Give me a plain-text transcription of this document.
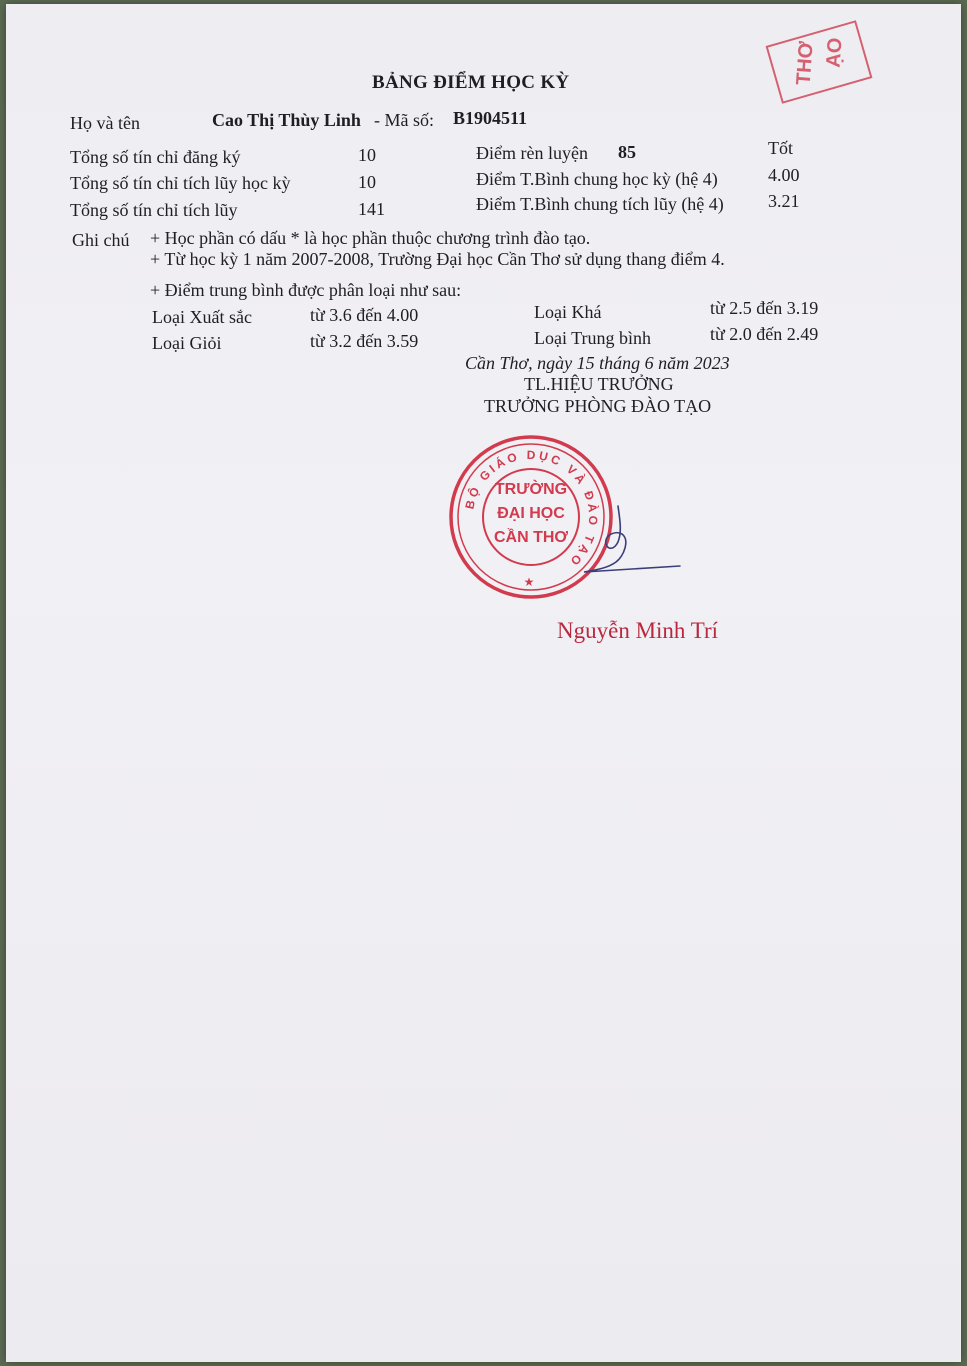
THƠ ẠO
BẢNG ĐIỂM HỌC KỲ
Họ và tên	Cao Thị Thùy Linh - Mã số: B1904511
Tổng số tín chỉ đăng ký	10
Tổng số tín chỉ tích lũy học kỳ	10
Tổng số tín chỉ tích lũy	141
Điểm rèn luyện 85	Tốt
Điểm T.Bình chung học kỳ (hệ 4)	4.00
Điểm T.Bình chung tích lũy (hệ 4) 3.21
Ghi chú + Học phần có dấu * là học phần thuộc chương trình đào tạo.
+ Từ học kỳ 1 năm 2007-2008, Trường Đại học Cần Thơ sử dụng thang điểm 4.
+ Điểm trung bình được phân loại như sau:
Loại Xuất sắc	từ 3.6 đến 4.00
Loại Giỏi	từ 3.2 đến 3.59
Loại Khá	từ 2.5 đến 3.19
Loại Trung bình	từ 2.0 đến 2.49
Cần Thơ, ngày 15 tháng 6 năm 2023
TL.HIỆU TRƯỞNG
TRƯỞNG PHÒNG ĐÀO TẠO
BỘ GIÁO DỤC VÀ ĐÀO TẠO
TRƯỜNG
ĐẠI HỌC
CẦN THƠ
★
Nguyễn Minh Trí
